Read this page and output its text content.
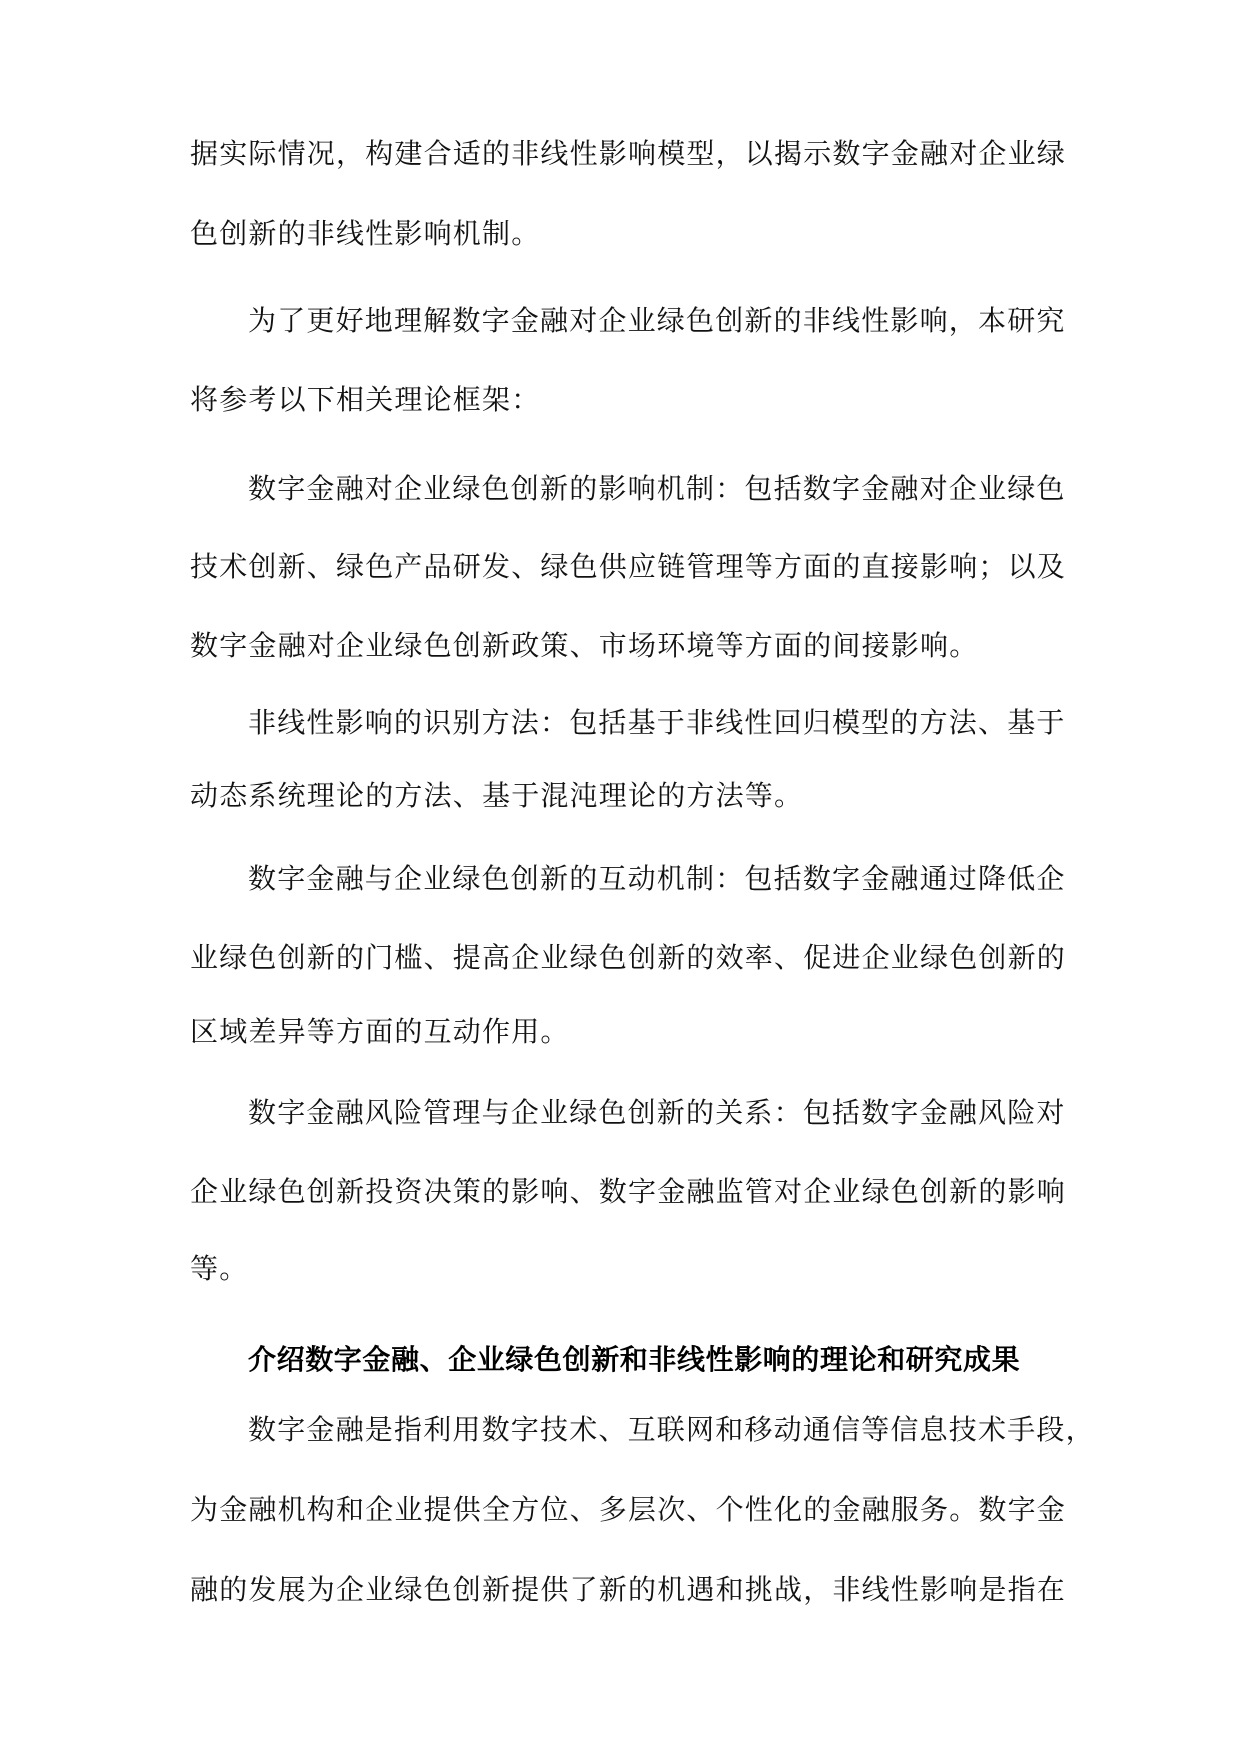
据实际情况，构建合适的非线性影响模型，以揭示数字金融对企业绿
色创新的非线性影响机制。
为了更好地理解数字金融对企业绿色创新的非线性影响，本研究
将参考以下相关理论框架：
数字金融对企业绿色创新的影响机制：包括数字金融对企业绿色
技术创新、绿色产品研发、绿色供应链管理等方面的直接影响；以及
数字金融对企业绿色创新政策、市场环境等方面的间接影响。
非线性影响的识别方法：包括基于非线性回归模型的方法、基于
动态系统理论的方法、基于混沌理论的方法等。
数字金融与企业绿色创新的互动机制：包括数字金融通过降低企
业绿色创新的门槛、提高企业绿色创新的效率、促进企业绿色创新的
区域差异等方面的互动作用。
数字金融风险管理与企业绿色创新的关系：包括数字金融风险对
企业绿色创新投资决策的影响、数字金融监管对企业绿色创新的影响
等。
介绍数字金融、企业绿色创新和非线性影响的理论和研究成果
数字金融是指利用数字技术、互联网和移动通信等信息技术手段，
为金融机构和企业提供全方位、多层次、个性化的金融服务。数字金
融的发展为企业绿色创新提供了新的机遇和挑战，非线性影响是指在
